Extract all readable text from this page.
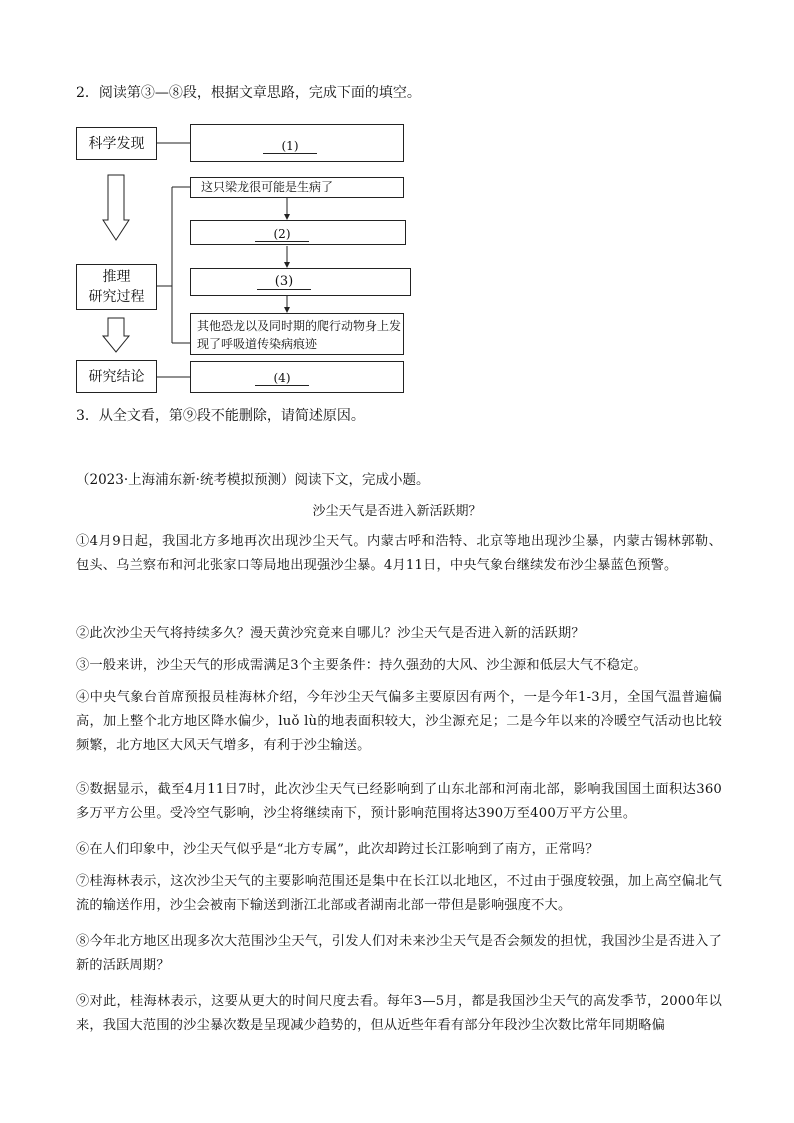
2．阅读第③—⑧段，根据文章思路，完成下面的填空。
科学发现
推理
研究过程
研究结论
(1)
这只梁龙很可能是生病了
(2)
(3)
其他恐龙以及同时期的爬行动物身上发
现了呼吸道传染病痕迹
(4)
3．从全文看，第⑨段不能删除，请简述原因。
（2023·上海浦东新·统考模拟预测）阅读下文，完成小题。
沙尘天气是否进入新活跃期？
①4月9日起，我国北方多地再次出现沙尘天气。内蒙古呼和浩特、北京等地出现沙尘暴，内蒙古锡林郭勒、包头、乌兰察布和河北张家口等局地出现强沙尘暴。4月11日，中央气象台继续发布沙尘暴蓝色预警。
②此次沙尘天气将持续多久？漫天黄沙究竟来自哪儿？沙尘天气是否进入新的活跃期？
③一般来讲，沙尘天气的形成需满足3个主要条件：持久强劲的大风、沙尘源和低层大气不稳定。
④中央气象台首席预报员桂海林介绍，今年沙尘天气偏多主要原因有两个，一是今年1-3月，全国气温普遍偏高，加上整个北方地区降水偏少，luǒ lù的地表面积较大，沙尘源充足；二是今年以来的冷暖空气活动也比较频繁，北方地区大风天气增多，有利于沙尘输送。
⑤数据显示，截至4月11日7时，此次沙尘天气已经影响到了山东北部和河南北部，影响我国国土面积达360多万平方公里。受冷空气影响，沙尘将继续南下，预计影响范围将达390万至400万平方公里。
⑥在人们印象中，沙尘天气似乎是“北方专属”，此次却跨过长江影响到了南方，正常吗？
⑦桂海林表示，这次沙尘天气的主要影响范围还是集中在长江以北地区，不过由于强度较强，加上高空偏北气流的输送作用，沙尘会被南下输送到浙江北部或者湖南北部一带但是影响强度不大。
⑧今年北方地区出现多次大范围沙尘天气，引发人们对未来沙尘天气是否会频发的担忧，我国沙尘是否进入了新的活跃周期？
⑨对此，桂海林表示，这要从更大的时间尺度去看。每年3—5月，都是我国沙尘天气的高发季节，2000年以来，我国大范围的沙尘暴次数是呈现减少趋势的，但从近些年看有部分年段沙尘次数比常年同期略偏
